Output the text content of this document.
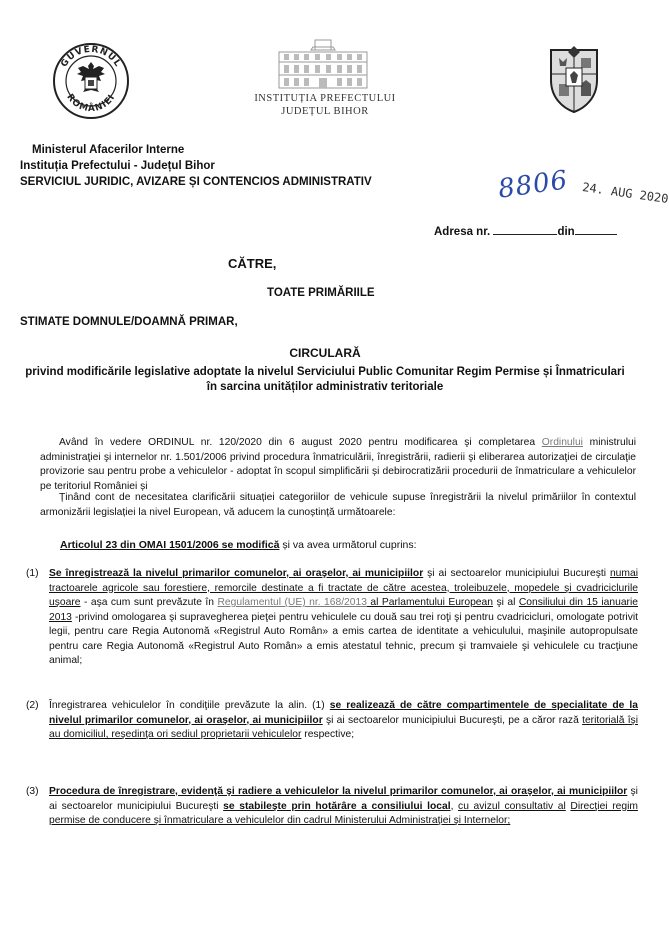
GUVERNUL
ROMÂNIEI	INSTITUȚIA PREFECTULUI
JUDEȚUL BIHOR
Ministerul Afacerilor Interne
Instituția Prefectului - Județul Bihor
SERVICIUL JURIDIC, AVIZARE ȘI CONTENCIOS ADMINISTRATIV	8806 24. AUG 2020
Adresa nr.	din
CĂTRE,
TOATE PRIMĂRIILE
STIMATE DOMNULE/DOAMNĂ PRIMAR,
CIRCULARĂ
privind modificările legislative adoptate la nivelul Serviciului Public Comunitar Regim Permise și Înmatriculari
în sarcina unităților administrativ teritoriale
Având în vedere ORDINUL nr. 120/2020 din 6 august 2020 pentru modificarea şi completarea Ordinului ministrului administraţiei şi internelor nr. 1.501/2006 privind procedura înmatriculării, înregistrării, radierii şi eliberarea autorizaţiei de circulaţie provizorie sau pentru probe a vehiculelor - adoptat în scopul simplificării și debirocratizării procedurii de înmatriculare a vehiculelor pe teritoriul României și
Ținând cont de necesitatea clarificării situației categoriilor de vehicule supuse înregistrării la nivelul primăriilor în contextul armonizării legislației la nivel European, vă aducem la cunoștință următoarele:
Articolul 23 din OMAI 1501/2006 se modifică și va avea următorul cuprins:
(1) Se înregistrează la nivelul primarilor comunelor, ai oraşelor, ai municipiilor şi ai sectoarelor municipiului Bucureşti numai tractoarele agricole sau forestiere, remorcile destinate a fi tractate de către acestea, troleibuzele, mopedele şi cvadriciclurile uşoare - aşa cum sunt prevăzute în Regulamentul (UE) nr. 168/2013 al Parlamentului European şi al Consiliului din 15 ianuarie 2013 -privind omologarea şi supravegherea pieţei pentru vehiculele cu două sau trei roţi şi pentru cvadricicluri, omologate potrivit legii, pentru care Regia Autonomă «Registrul Auto Român» a emis cartea de identitate a vehiculului, maşinile autopropulsate pentru care Regia Autonomă «Registrul Auto Român» a emis atestatul tehnic, precum şi tramvaiele şi vehiculele cu tracţiune animal;
(2) Înregistrarea vehiculelor în condiţiile prevăzute la alin. (1) se realizează de către compartimentele de specialitate de la nivelul primarilor comunelor, ai oraşelor, ai municipiilor şi ai sectoarelor municipiului Bucureşti, pe a căror rază teritorială îşi au domiciliul, reşedinţa ori sediul proprietarii vehiculelor respective;
(3) Procedura de înregistrare, evidenţă şi radiere a vehiculelor la nivelul primarilor comunelor, ai oraşelor, ai municipiilor şi ai sectoarelor municipiului Bucureşti se stabileşte prin hotărâre a consiliului local, cu avizul consultativ al Direcţiei regim permise de conducere şi înmatriculare a vehiculelor din cadrul Ministerului Administraţiei şi Internelor;
